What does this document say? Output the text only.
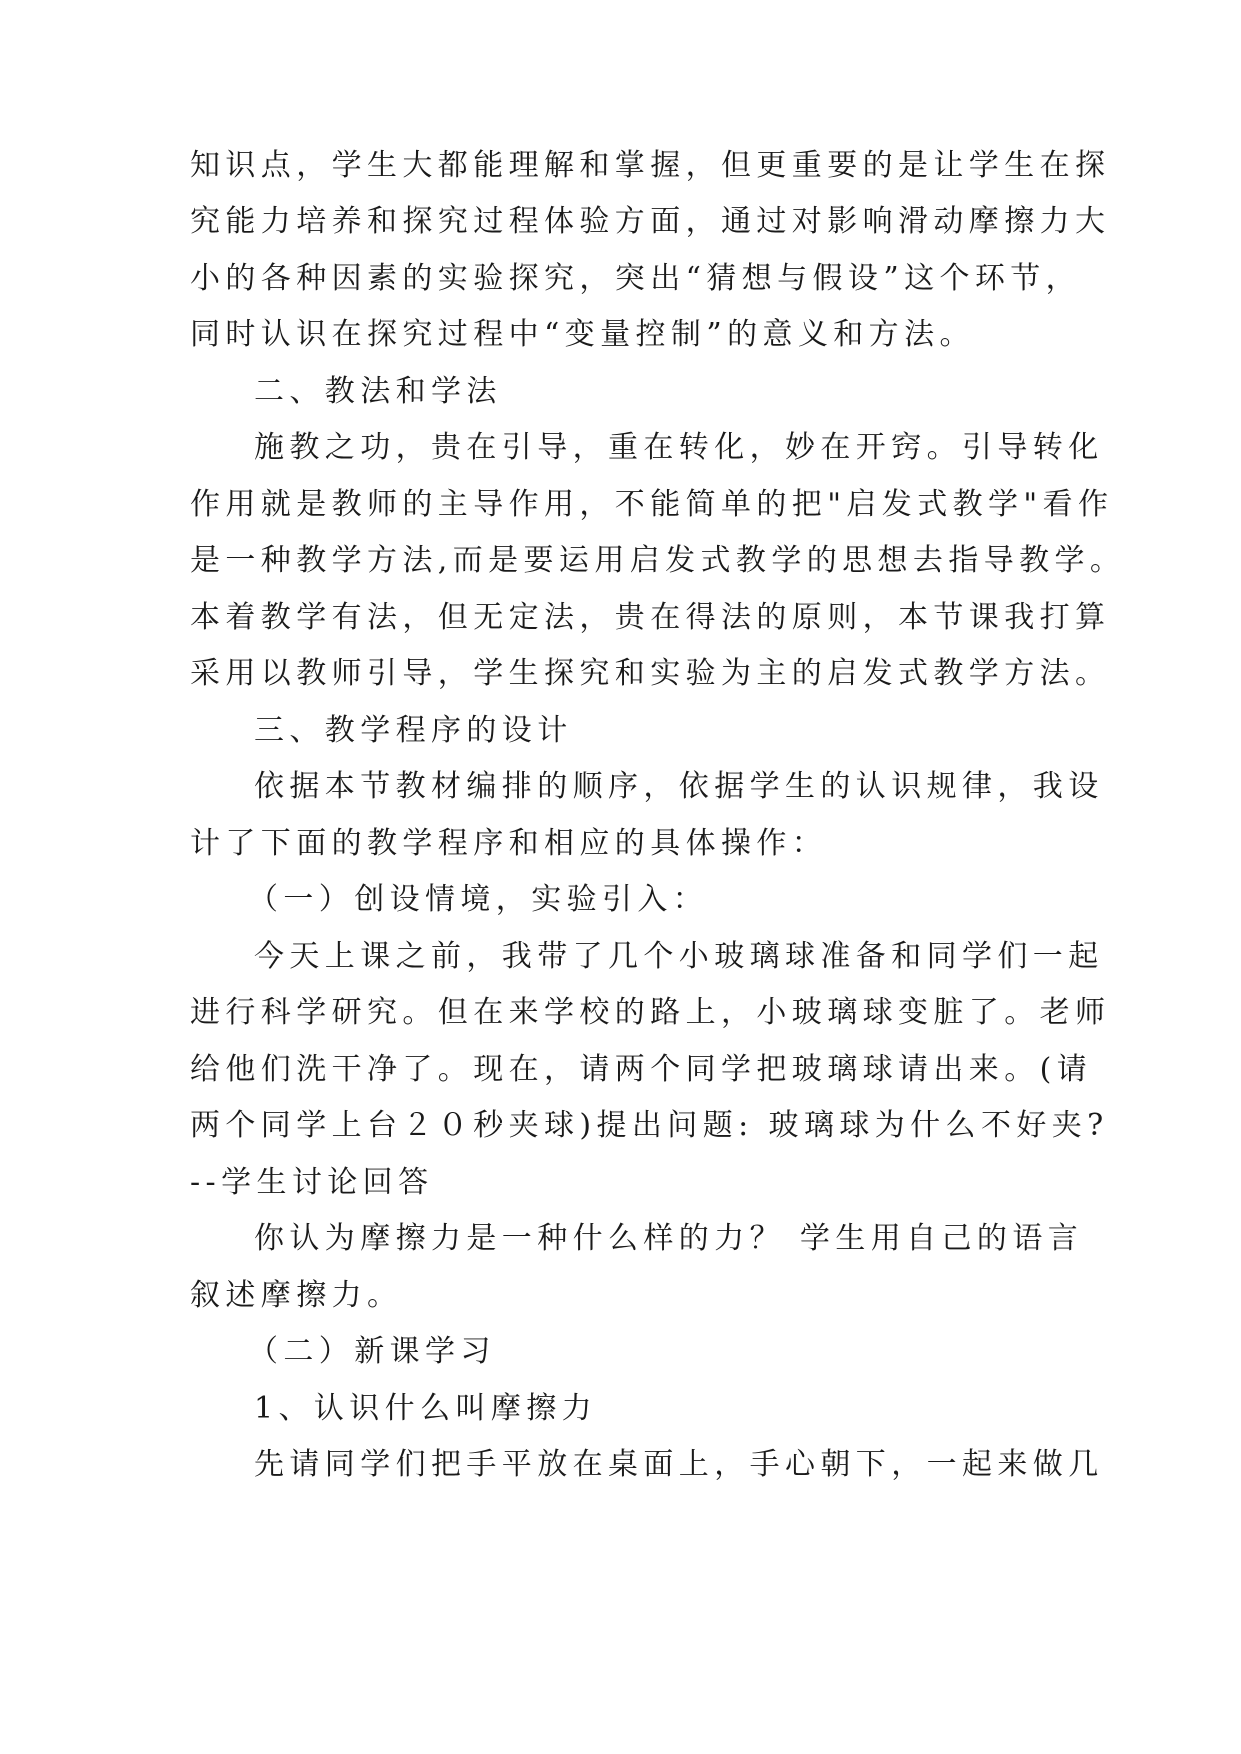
知识点，学生大都能理解和掌握，但更重要的是让学生在探
究能力培养和探究过程体验方面，通过对影响滑动摩擦力大
小的各种因素的实验探究，突出“猜想与假设”这个环节，
同时认识在探究过程中“变量控制”的意义和方法。
二、教法和学法
施教之功，贵在引导，重在转化，妙在开窍。引导转化
作用就是教师的主导作用，不能简单的把"启发式教学"看作
是一种教学方法,而是要运用启发式教学的思想去指导教学。
本着教学有法，但无定法，贵在得法的原则，本节课我打算
采用以教师引导，学生探究和实验为主的启发式教学方法。
三、教学程序的设计
依据本节教材编排的顺序，依据学生的认识规律，我设
计了下面的教学程序和相应的具体操作：
（一）创设情境，实验引入：
今天上课之前，我带了几个小玻璃球准备和同学们一起
进行科学研究。但在来学校的路上，小玻璃球变脏了。老师
给他们洗干净了。现在，请两个同学把玻璃球请出来。(请
两个同学上台２０秒夹球)提出问题: 玻璃球为什么不好夹?
--学生讨论回答
你认为摩擦力是一种什么样的力？ 学生用自己的语言
叙述摩擦力。
（二）新课学习
1、认识什么叫摩擦力
先请同学们把手平放在桌面上，手心朝下，一起来做几
